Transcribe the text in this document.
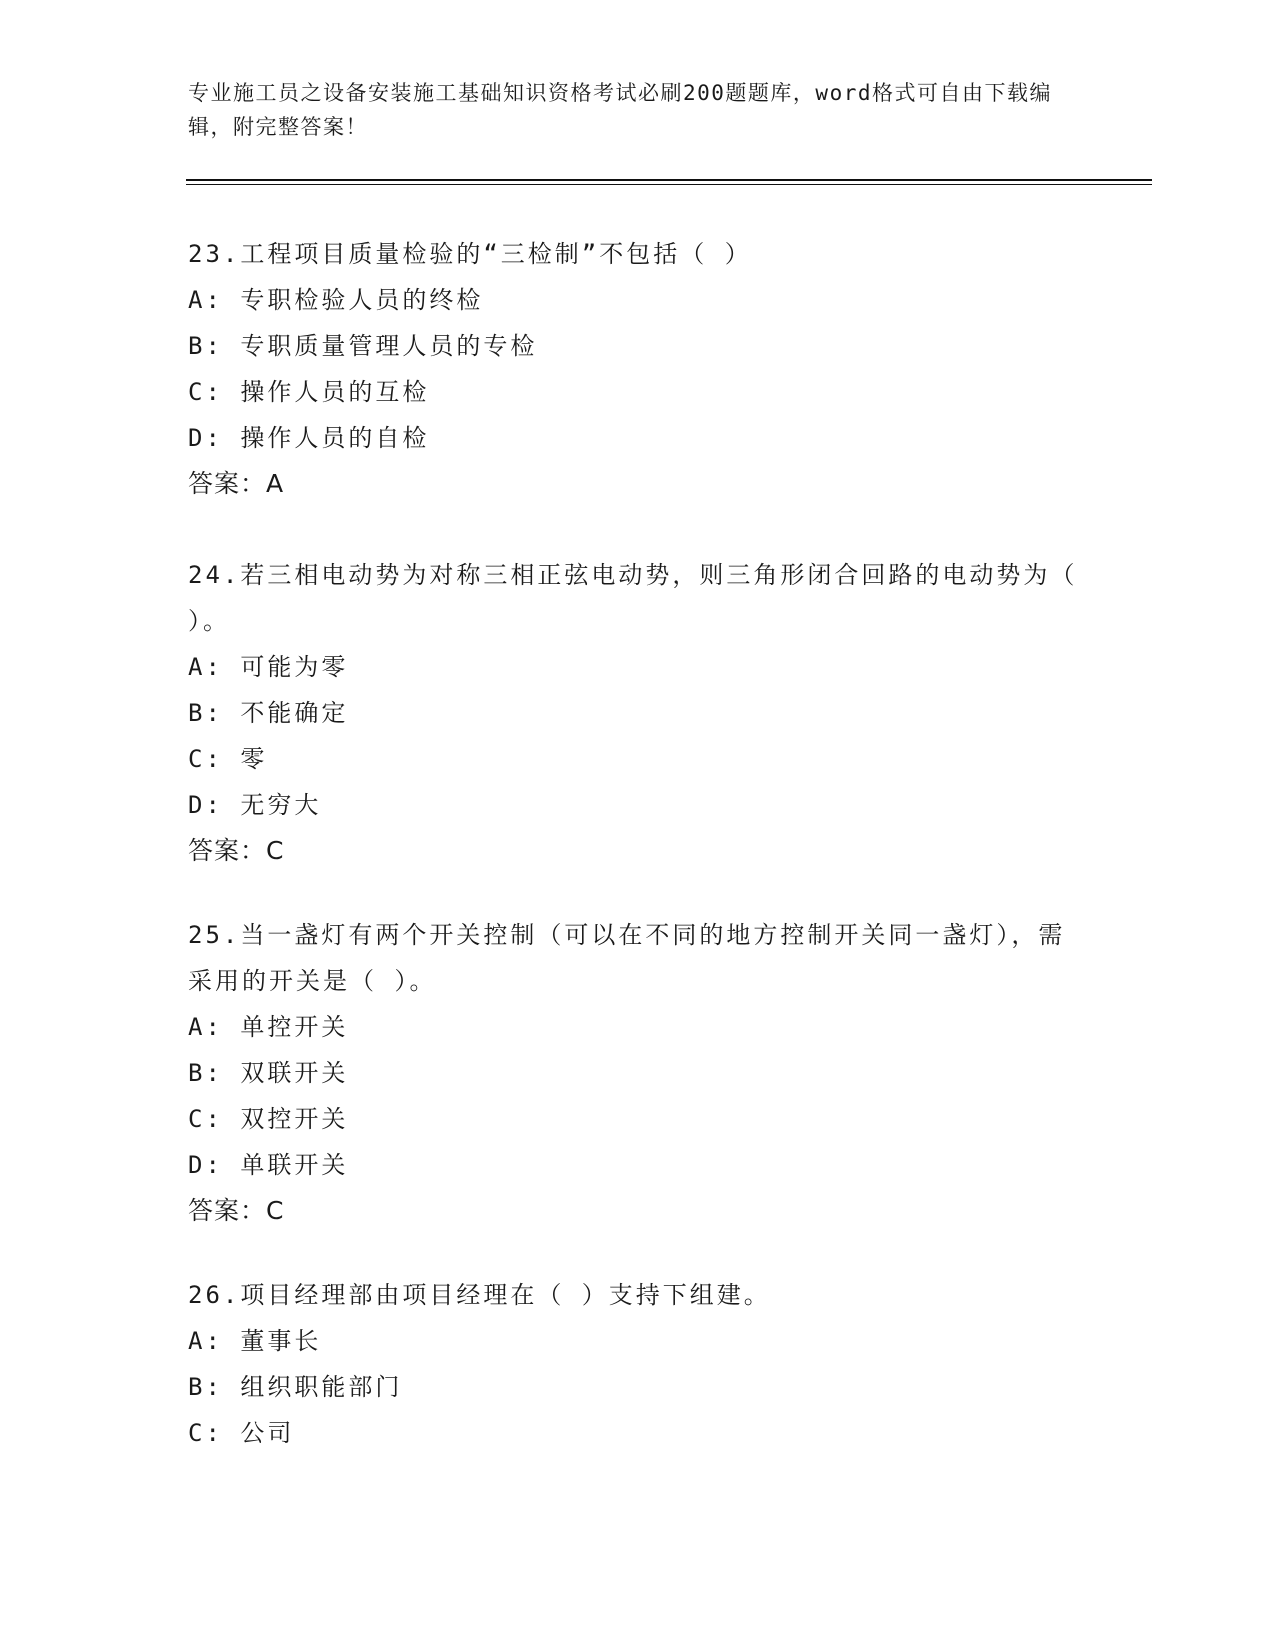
专业施工员之设备安装施工基础知识资格考试必刷200题题库，word格式可自由下载编辑，附完整答案！
23.工程项目质量检验的“三检制”不包括（ ）
A: 专职检验人员的终检
B: 专职质量管理人员的专检
C: 操作人员的互检
D: 操作人员的自检
答案：A
24.若三相电动势为对称三相正弦电动势，则三角形闭合回路的电动势为（ ）。
A: 可能为零
B: 不能确定
C: 零
D: 无穷大
答案：C
25.当一盏灯有两个开关控制（可以在不同的地方控制开关同一盏灯），需采用的开关是（ ）。
A: 单控开关
B: 双联开关
C: 双控开关
D: 单联开关
答案：C
26.项目经理部由项目经理在（ ）支持下组建。
A: 董事长
B: 组织职能部门
C: 公司
